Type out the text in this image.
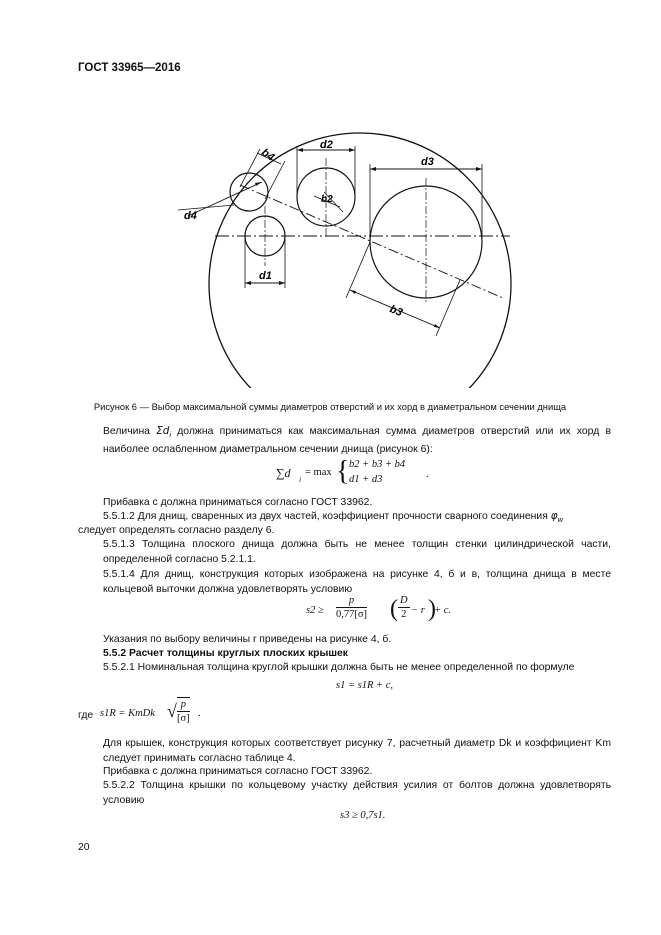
ГОСТ 33965—2016
d2
b4	d3
d4
b2
d1
b3
Рисунок 6 — Выбор максимальной суммы диаметров отверстий и их хорд в диаметральном сечении днища
Величина $\Sigma d_i$ должна приниматься как максимальная сумма диаметров отверстий или их хорд в наиболее ослабленном диаметральном сечении днища (рисунок 6):
∑d i
= max { b2 + b3 + b4
d1 + d3	.
Прибавка c должна приниматься согласно ГОСТ 33962.
5.5.1.2 Для днищ, сваренных из двух частей, коэффициент прочности сварного соединения $\varphi_w$
следует определять согласно разделу 6.
5.5.1.3 Толщина плоского днища должна быть не менее толщин стенки цилиндрической части, определенной согласно 5.2.1.1.
5.5.1.4 Для днищ, конструкция которых изображена на рисунке 4, б и в, толщина днища в месте кольцевой выточки должна удовлетворять условию
$s2 \ge \frac{p}{0,77[\sigma]}$ ( $\frac{D}{2} - r$ )
+ c.
Указания по выбору величины r приведены на рисунке 4, б.
5.5.2 Расчет толщины круглых плоских крышек
5.5.2.1 Номинальная толщина круглой крышки должна быть не менее определенной по формуле
s1 = s1R + c,
где s1R = KmDk √ $\frac{p}{[\sigma]}$ .
Для крышек, конструкция которых соответствует рисунку 7, расчетный диаметр Dk и коэффициент Km следует принимать согласно таблице 4.
Прибавка c должна приниматься согласно ГОСТ 33962.
5.5.2.2 Толщина крышки по кольцевому участку действия усилия от болтов должна удовлетворять условию
s3 ≥ 0,7s1.
20
